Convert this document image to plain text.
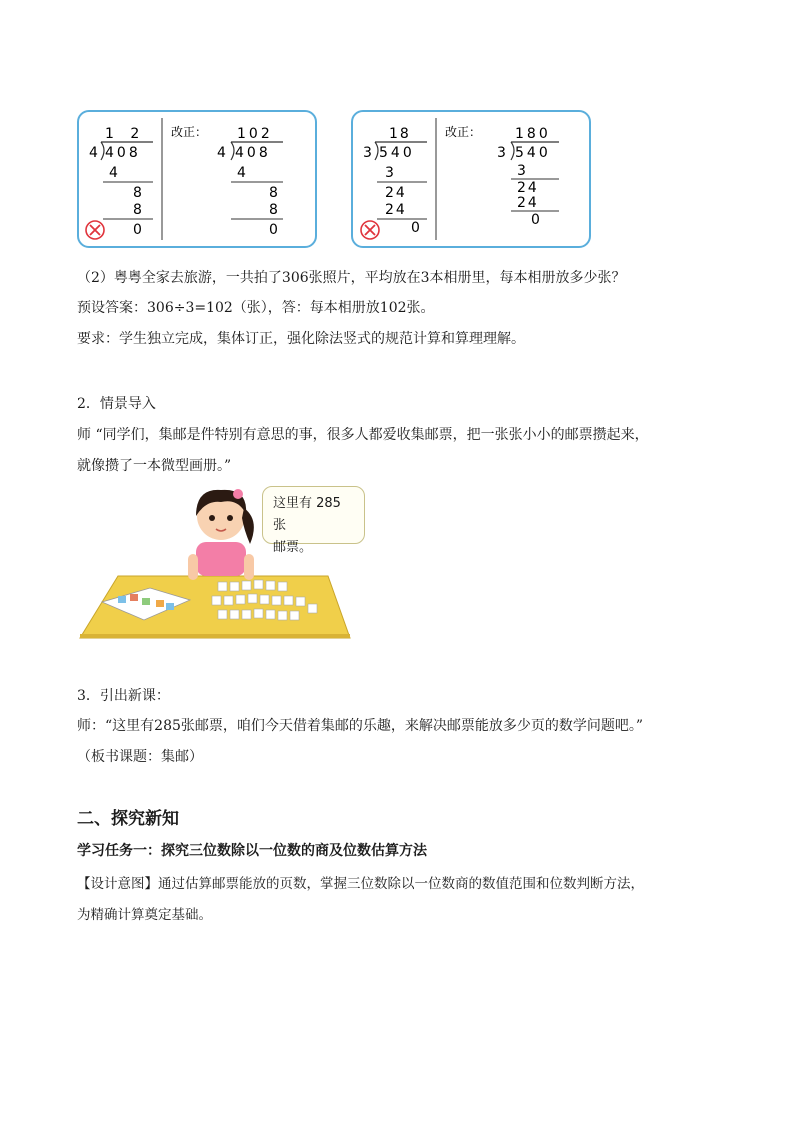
1 2
4 408
4
8
8
0
改正： 102
4 408
4
8
8
0
18
3 540
3
24
24
0
改正： 180
3 540
3
24
24
0
（2）粤粤全家去旅游，一共拍了306张照片，平均放在3本相册里，每本相册放多少张？
预设答案：306÷3=102（张），答：每本相册放102张。
要求：学生独立完成，集体订正，强化除法竖式的规范计算和算理理解。
2．情景导入
师 “同学们，集邮是件特别有意思的事，很多人都爱收集邮票，把一张张小小的邮票攒起来，
就像攒了一本微型画册。”
这里有 285 张
邮票。
3．引出新课：
师：“这里有285张邮票，咱们今天借着集邮的乐趣，来解决邮票能放多少页的数学问题吧。”
（板书课题：集邮）
二、探究新知
学习任务一：探究三位数除以一位数的商及位数估算方法
【设计意图】通过估算邮票能放的页数，掌握三位数除以一位数商的数值范围和位数判断方法，
为精确计算奠定基础。
